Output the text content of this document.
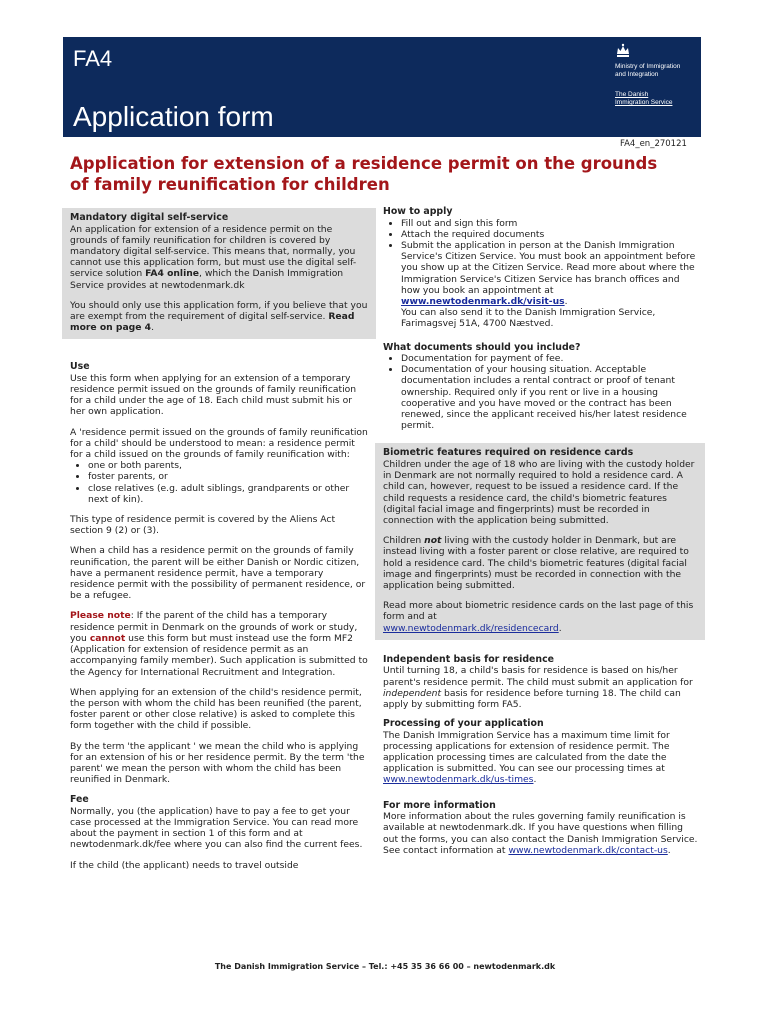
FA4
Application form
Ministry of Immigration
and Integration
The Danish
Immigration Service
FA4_en_270121
Application for extension of a residence permit on the grounds of family reunification for children
Mandatory digital self-service

An application for extension of a residence permit on the grounds of family reunification for children is covered by mandatory digital self-service. This means that, normally, you cannot use this application form, but must use the digital self-service solution FA4 online, which the Danish Immigration Service provides at newtodenmark.dk

You should only use this application form, if you believe that you are exempt from the requirement of digital self-service. Read more on page 4.

Use

Use this form when applying for an extension of a temporary residence permit issued on the grounds of family reunification for a child under the age of 18. Each child must submit his or her own application.

A 'residence permit issued on the grounds of family reunification for a child' should be understood to mean: a residence permit for a child issued on the grounds of family reunification with:

• one or both parents,
• foster parents, or
• close relatives (e.g. adult siblings, grandparents or other next of kin).

This type of residence permit is covered by the Aliens Act section 9 (2) or (3).

When a child has a residence permit on the grounds of family reunification, the parent will be either Danish or Nordic citizen, have a permanent residence permit, have a temporary residence permit with the possibility of permanent residence, or be a refugee.

Please note: If the parent of the child has a temporary residence permit in Denmark on the grounds of work or study, you cannot use this form but must instead use the form MF2 (Application for extension of residence permit as an accompanying family member). Such application is submitted to the Agency for International Recruitment and Integration.

When applying for an extension of the child's residence permit, the person with whom the child has been reunified (the parent, foster parent or other close relative) is asked to complete this form together with the child if possible.

By the term 'the applicant ' we mean the child who is applying for an extension of his or her residence permit. By the term 'the parent' we mean the person with whom the child has been reunified in Denmark.

Fee

Normally, you (the application) have to pay a fee to get your case processed at the Immigration Service. You can read more about the payment in section 1 of this form and at newtodenmark.dk/fee where you can also find the current fees.

If the child (the applicant) needs to travel outside

How to apply
• Fill out and sign this form
• Attach the required documents
• Submit the application in person at the Danish Immigration Service's Citizen Service. You must book an appointment before you show up at the Citizen Service. Read more about where the Immigration Service's Citizen Service has branch offices and how you book an appointment at www.newtodenmark.dk/visit-us.
You can also send it to the Danish Immigration Service, Farimagsvej 51A, 4700 Næstved.
What documents should you include?
• Documentation for payment of fee.
• Documentation of your housing situation. Acceptable documentation includes a rental contract or proof of tenant ownership. Required only if you rent or live in a housing cooperative and you have moved or the contract has been renewed, since the applicant received his/her latest residence permit.
Biometric features required on residence cards

Children under the age of 18 who are living with the custody holder in Denmark are not normally required to hold a residence card. A child can, however, request to be issued a residence card. If the child requests a residence card, the child's biometric features (digital facial image and fingerprints) must be recorded in connection with the application being submitted.

Children not living with the custody holder in Denmark, but are instead living with a foster parent or close relative, are required to hold a residence card. The child's biometric features (digital facial image and fingerprints) must be recorded in connection with the application being submitted.

Read more about biometric residence cards on the last page of this form and at
www.newtodenmark.dk/residencecard.

Independent basis for residence

Until turning 18, a child's basis for residence is based on his/her parent's residence permit. The child must submit an application for independent basis for residence before turning 18. The child can apply by submitting form FA5.

Processing of your application

The Danish Immigration Service has a maximum time limit for processing applications for extension of residence permit. The application processing times are calculated from the date the application is submitted. You can see our processing times at www.newtodenmark.dk/us-times.

For more information

More information about the rules governing family reunification is available at newtodenmark.dk. If you have questions when filling out the forms, you can also contact the Danish Immigration Service. See contact information at www.newtodenmark.dk/contact-us.

The Danish Immigration Service – Tel.: +45 35 36 66 00 – newtodenmark.dk
